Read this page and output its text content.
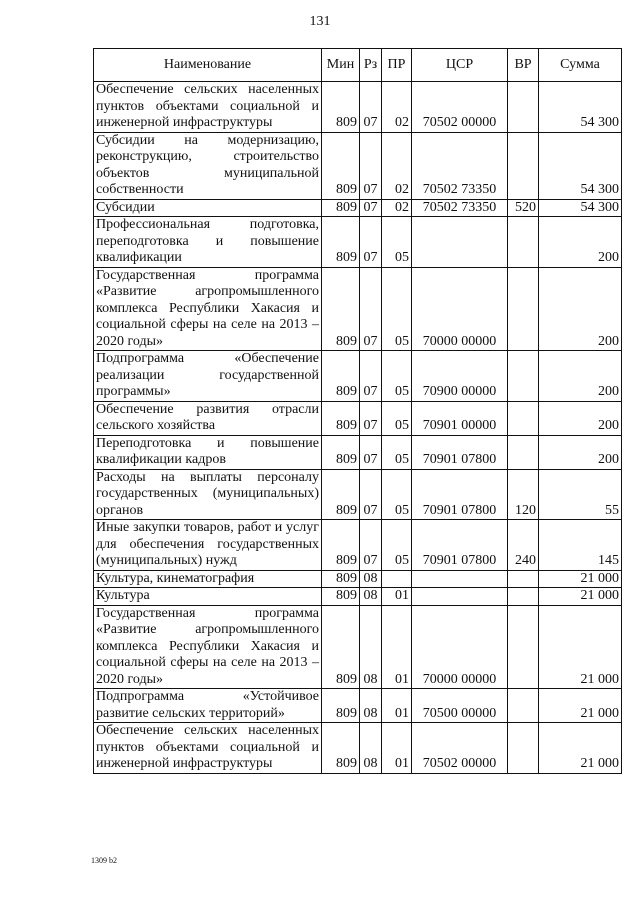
131
Наименование	Мин	Рз	ПР	ЦСР	ВР	Сумма
Обеспечение сельских населенных пунктов объектами социальной и инженерной инфраструктуры	809	07	02	70502 00000		54 300
Субсидии на модернизацию, реконструкцию, строительство объектов муниципальной собственности	809	07	02	70502 73350		54 300
Субсидии	809	07	02	70502 73350	520	54 300
Профессиональная подготовка, переподготовка и повышение квалификации	809	07	05			200
Государственная программа «Развитие агропромышленного комплекса Республики Хакасия и социальной сферы на селе на 2013 – 2020 годы»	809	07	05	70000 00000		200
Подпрограмма «Обеспечение реализации государственной программы»	809	07	05	70900 00000		200
Обеспечение развития отрасли сельского хозяйства	809	07	05	70901 00000		200
Переподготовка и повышение квалификации кадров	809	07	05	70901 07800		200
Расходы на выплаты персоналу государственных (муниципальных) органов	809	07	05	70901 07800	120	55
Иные закупки товаров, работ и услуг для обеспечения государственных (муниципальных) нужд	809	07	05	70901 07800	240	145
Культура, кинематография	809	08				21 000
Культура	809	08	01			21 000
Государственная программа «Развитие агропромышленного комплекса Республики Хакасия и социальной сферы на селе на 2013 – 2020 годы»	809	08	01	70000 00000		21 000
Подпрограмма «Устойчивое развитие сельских территорий»	809	08	01	70500 00000		21 000
Обеспечение сельских населенных пунктов объектами социальной и инженерной инфраструктуры	809	08	01	70502 00000		21 000
1309 b2
